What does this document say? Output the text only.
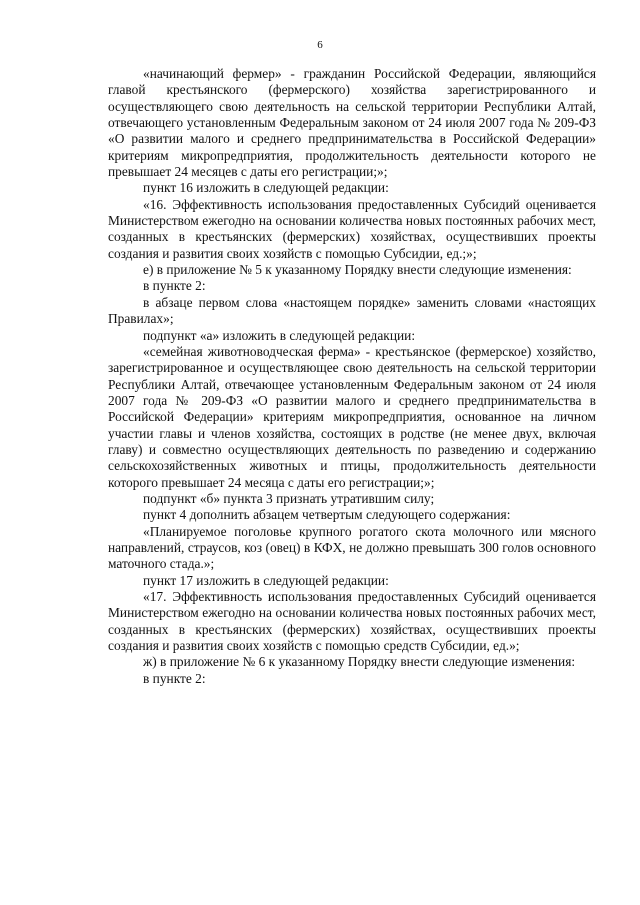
6

«начинающий фермер» - гражданин Российской Федерации, являющийся главой крестьянского (фермерского) хозяйства зарегистрированного и осуществляющего свою деятельность на сельской территории Республики Алтай, отвечающего установленным Федеральным законом от 24 июля 2007 года № 209-ФЗ «О развитии малого и среднего предпринимательства в Российской Федерации» критериям микропредприятия, продолжительность деятельности которого не превышает 24 месяцев с даты его регистрации;»;

пункт 16 изложить в следующей редакции:

«16. Эффективность использования предоставленных Субсидий оценивается Министерством ежегодно на основании количества новых постоянных рабочих мест, созданных в крестьянских (фермерских) хозяйствах, осуществивших проекты создания и развития своих хозяйств с помощью Субсидии, ед.;»;

е) в приложение № 5 к указанному Порядку внести следующие изменения:

в пункте 2:

в абзаце первом слова «настоящем порядке» заменить словами «настоящих Правилах»;

подпункт «а» изложить в следующей редакции:

«семейная животноводческая ферма» - крестьянское (фермерское) хозяйство, зарегистрированное и осуществляющее свою деятельность на сельской территории Республики Алтай, отвечающее установленным Федеральным законом от 24 июля 2007 года № 209-ФЗ «О развитии малого и среднего предпринимательства в Российской Федерации» критериям микропредприятия, основанное на личном участии главы и членов хозяйства, состоящих в родстве (не менее двух, включая главу) и совместно осуществляющих деятельность по разведению и содержанию сельскохозяйственных животных и птицы, продолжительность деятельности которого превышает 24 месяца с даты его регистрации;»;

подпункт «б» пункта 3 признать утратившим силу;

пункт 4 дополнить абзацем четвертым следующего содержания:

«Планируемое поголовье крупного рогатого скота молочного или мясного направлений, страусов, коз (овец) в КФХ, не должно превышать 300 голов основного маточного стада.»;

пункт 17 изложить в следующей редакции:

«17. Эффективность использования предоставленных Субсидий оценивается Министерством ежегодно на основании количества новых постоянных рабочих мест, созданных в крестьянских (фермерских) хозяйствах, осуществивших проекты создания и развития своих хозяйств с помощью средств Субсидии, ед.»;

ж) в приложение № 6 к указанному Порядку внести следующие изменения:

в пункте 2:
